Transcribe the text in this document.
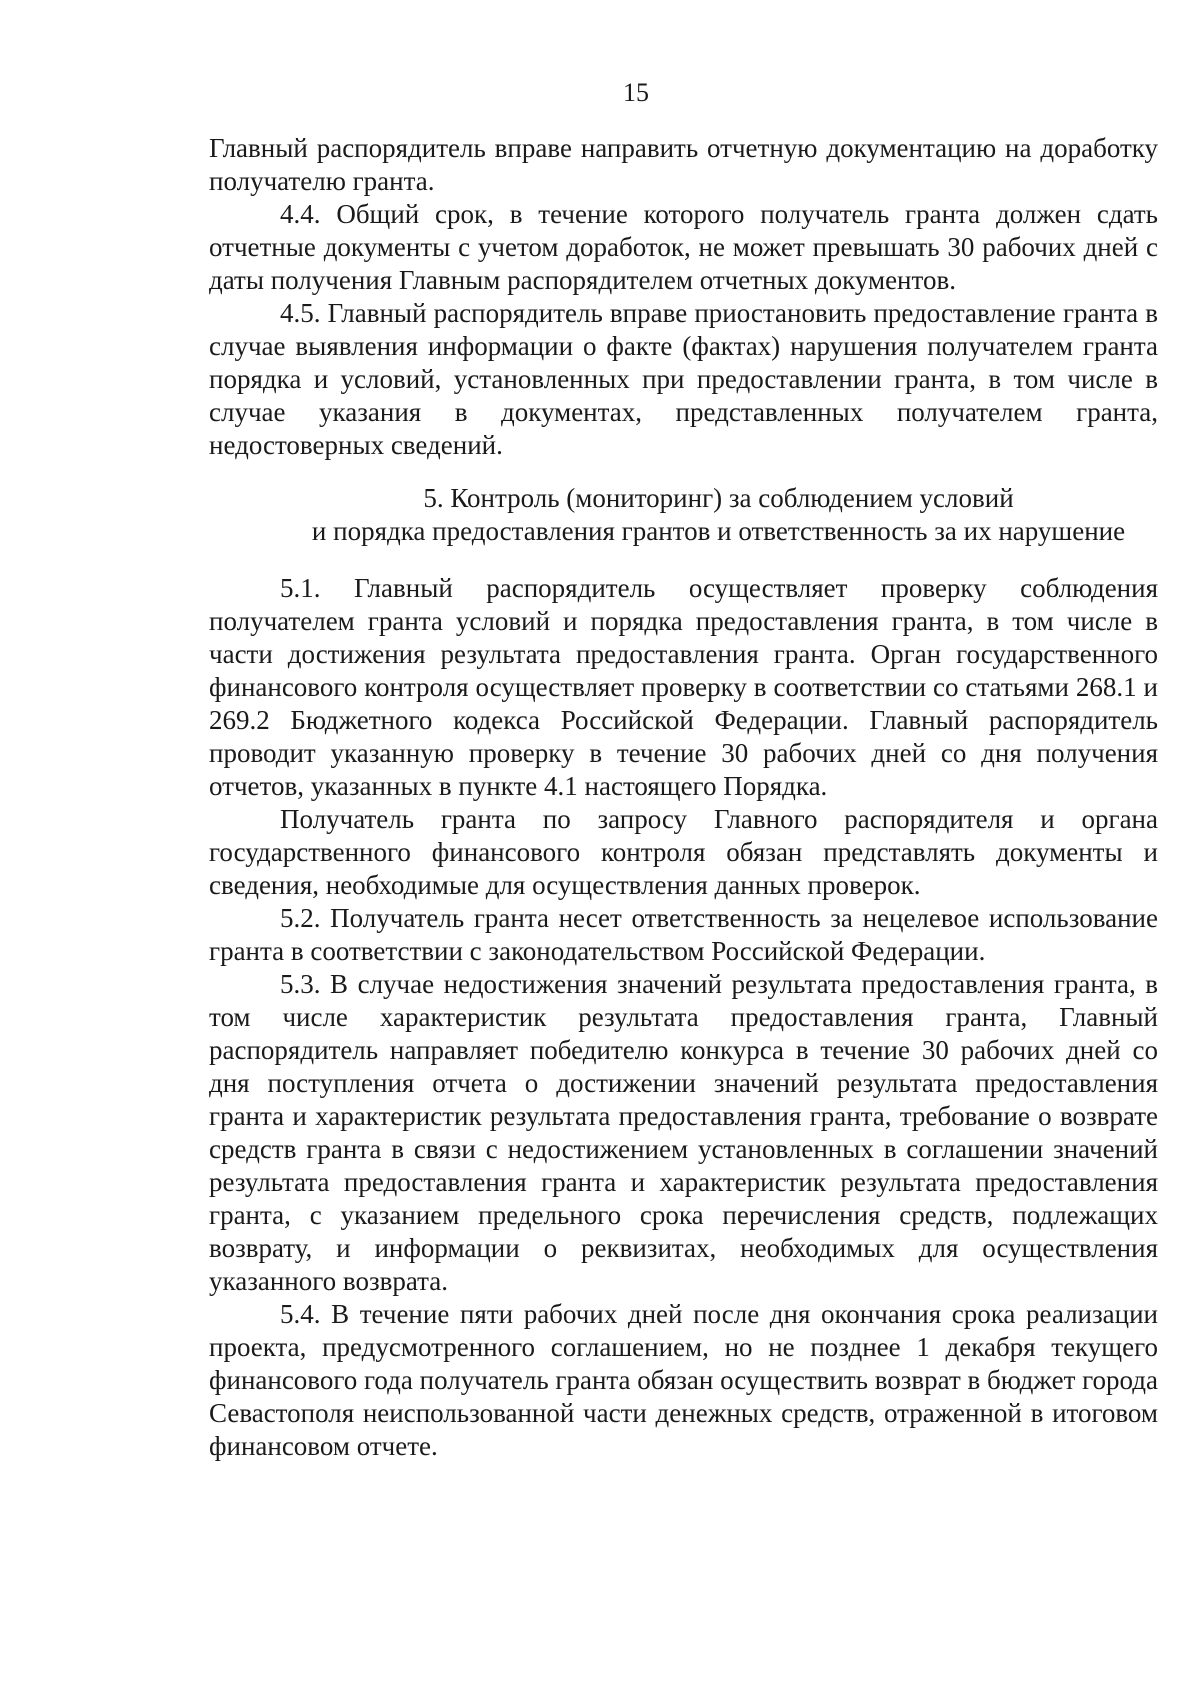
15

Главный распорядитель вправе направить отчетную документацию на доработку получателю гранта.

4.4. Общий срок, в течение которого получатель гранта должен сдать отчетные документы с учетом доработок, не может превышать 30 рабочих дней с даты получения Главным распорядителем отчетных документов.

4.5. Главный распорядитель вправе приостановить предоставление гранта в случае выявления информации о факте (фактах) нарушения получателем гранта порядка и условий, установленных при предоставлении гранта, в том числе в случае указания в документах, представленных получателем гранта, недостоверных сведений.

5. Контроль (мониторинг) за соблюдением условий
и порядка предоставления грантов и ответственность за их нарушение

5.1. Главный распорядитель осуществляет проверку соблюдения получателем гранта условий и порядка предоставления гранта, в том числе в части достижения результата предоставления гранта. Орган государственного финансового контроля осуществляет проверку в соответствии со статьями 268.1 и 269.2 Бюджетного кодекса Российской Федерации. Главный распорядитель проводит указанную проверку в течение 30 рабочих дней со дня получения отчетов, указанных в пункте 4.1 настоящего Порядка.

Получатель гранта по запросу Главного распорядителя и органа государственного финансового контроля обязан представлять документы и сведения, необходимые для осуществления данных проверок.

5.2. Получатель гранта несет ответственность за нецелевое использование гранта в соответствии с законодательством Российской Федерации.

5.3. В случае недостижения значений результата предоставления гранта, в том числе характеристик результата предоставления гранта, Главный распорядитель направляет победителю конкурса в течение 30 рабочих дней со дня поступления отчета о достижении значений результата предоставления гранта и характеристик результата предоставления гранта, требование о возврате средств гранта в связи с недостижением установленных в соглашении значений результата предоставления гранта и характеристик результата предоставления гранта, с указанием предельного срока перечисления средств, подлежащих возврату, и информации о реквизитах, необходимых для осуществления указанного возврата.

5.4. В течение пяти рабочих дней после дня окончания срока реализации проекта, предусмотренного соглашением, но не позднее 1 декабря текущего финансового года получатель гранта обязан осуществить возврат в бюджет города Севастополя неиспользованной части денежных средств, отраженной в итоговом финансовом отчете.
